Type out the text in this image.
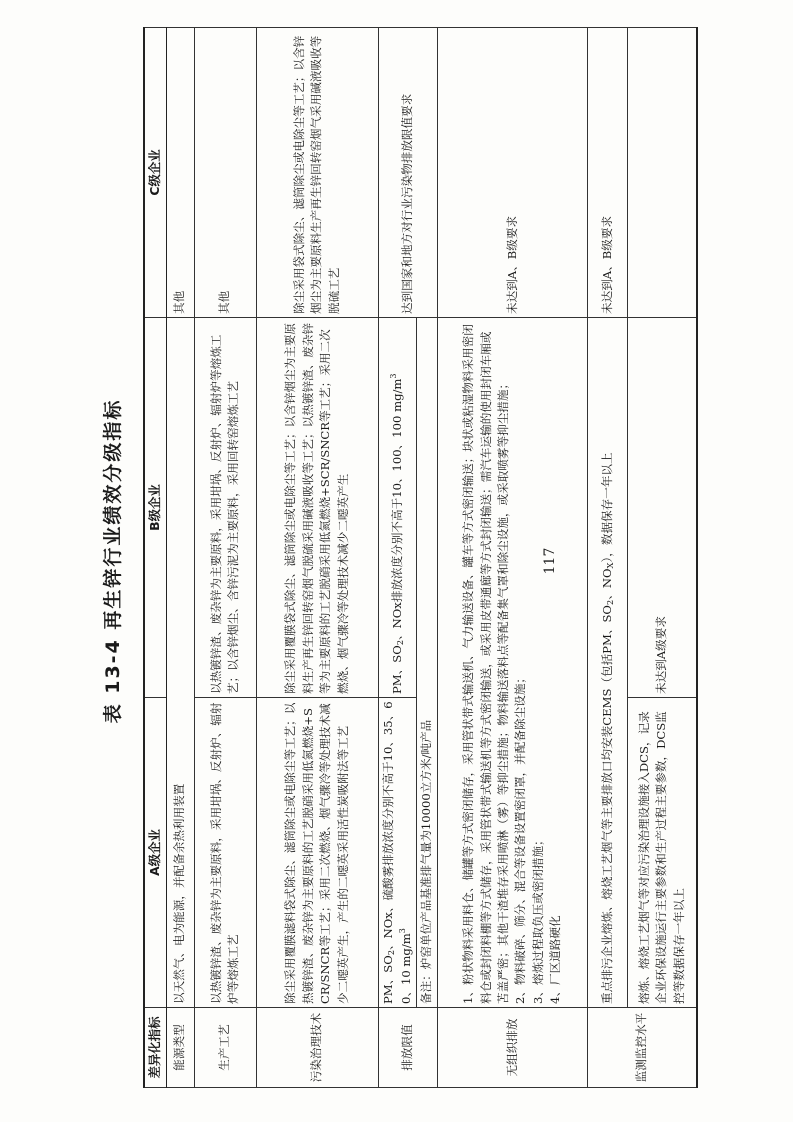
表 13-4 再生锌行业绩效分级指标
差异化指标	A级企业	B级企业	C级企业
能源类型	以天然气、电为能源，并配备余热利用装置		其他
生产工艺	以热镀锌渣、废杂锌为主要原料，采用坩埚、反射炉、辐射炉等熔炼工艺	以热镀锌渣、废杂锌为主要原料，采用坩埚、反射炉、辐射炉等熔炼工艺；以含锌烟尘、含锌污泥为主要原料，采用回转窑熔炼工艺	其他
污染治理技术	除尘采用覆膜滤料袋式除尘、滤筒除尘或电除尘等工艺；以热镀锌渣、废杂锌为主要原料的工艺脱硝采用低氮燃烧+SCR/SNCR等工艺；采用二次燃烧、烟气骤冷等处理技术减少二噁英产生，产生的二噁英采用活性炭吸附法等工艺	除尘采用覆膜袋式除尘、滤筒除尘或电除尘等工艺；以含锌烟尘为主要原料生产再生锌回转窑烟气脱硫采用碱液吸收等工艺；以热镀锌渣、废杂锌等为主要原料的工艺脱硝采用低氮燃烧+SCR/SNCR等工艺；采用二次燃烧、烟气骤冷等处理技术减少二噁英产生	除尘采用袋式除尘、滤筒除尘或电除尘等工艺；以含锌烟尘为主要原料生产再生锌回转窑烟气采用碱液吸收等脱硫工艺
排放限值	PM、$SO_2$、NOx、硫酸雾排放浓度分别不高于10、35、60、10 $mg/m^3$	PM、$SO_2$、NOx排放浓度分别不高于10、100、100 $mg/m^3$	达到国家和地方对行业污染物排放限值要求
	备注：炉窑单位产品基准排气量为10000立方米/吨产品		
无组织排放	1、粉状物料采用料仓、储罐等方式密闭储存，采用管状带式输送机、气力输送设备、罐车等方式密闭输送；块状或粘湿物料采用密闭料仓或封闭料棚等方式储存，采用管状带式输送机等方式密闭输送，或采用皮带通廊等方式封闭输送；需汽车运输的使用封闭车厢或苫盖严密；其他干渣堆存采用喷淋（雾）等抑尘措施；物料输送落料点等配备集气罩和除尘设施，或采取喷雾等抑尘措施； 2、物料破碎、筛分、混合等设备设置密闭罩，并配备除尘设施； 3、熔炼过程取负压或密闭措施； 4、厂区道路硬化		未达到A、B级要求
监测监控水平	重点排污企业熔炼、熔烧工艺烟气等主要排放口均安装CEMS（包括PM、$SO_2$、$NO_X$），数据保存一年以上		未达到A、B级要求
	熔炼、熔烧工艺烟气等对应污染治理设施接入DCS，记录企业环保设施运行主要参数和生产过程主要参数，DCS监控等数据保存一年以上	未达到A级要求	
117
